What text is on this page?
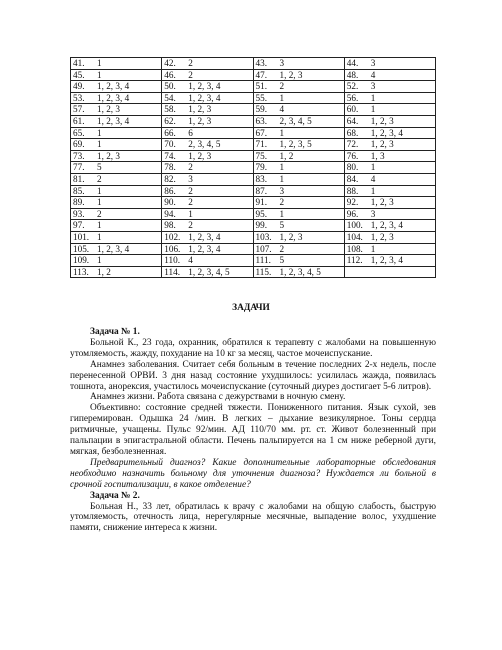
41. 1	42. 2	43. 3	44. 3
45. 1	46. 2	47. 1, 2, 3	48. 4
49. 1, 2, 3, 4	50. 1, 2, 3, 4	51. 2	52. 3
53. 1, 2, 3, 4	54. 1, 2, 3, 4	55. 1	56. 1
57. 1, 2, 3	58. 1, 2, 3	59. 4	60. 1
61. 1, 2, 3, 4	62. 1, 2, 3	63. 2, 3, 4, 5	64. 1, 2, 3
65. 1	66. 6	67. 1	68. 1, 2, 3, 4
69. 1	70. 2, 3, 4, 5	71. 1, 2, 3, 5	72. 1, 2, 3
73. 1, 2, 3	74. 1, 2, 3	75. 1, 2	76. 1, 3
77. 5	78. 2	79. 1	80. 1
81. 2	82. 3	83. 1	84. 4
85. 1	86. 2	87. 3	88. 1
89. 1	90. 2	91. 2	92. 1, 2, 3
93. 2	94. 1	95. 1	96. 3
97. 1	98. 2	99. 5	100. 1, 2, 3, 4
101. 1	102. 1, 2, 3, 4	103. 1, 2, 3	104. 1, 2, 3
105. 1, 2, 3, 4	106. 1, 2, 3, 4	107. 2	108. 1
109. 1	110. 4	111. 5	112. 1, 2, 3, 4
113. 1, 2	114. 1, 2, 3, 4, 5	115. 1, 2, 3, 4, 5	
ЗАДАЧИ
Задача № 1.

Больной К., 23 года, охранник, обратился к терапевту с жалобами на повышенную утомляемость, жажду, похудание на 10 кг за месяц, частое мочеиспускание.

Анамнез заболевания. Считает себя больным в течение последних 2-х недель, после перенесенной ОРВИ. 3 дня назад состояние ухудшилось: усилилась жажда, появилась тошнота, анорексия, участилось мочеиспускание (суточный диурез достигает 5-6 литров).

Анамнез жизни. Работа связана с дежурствами в ночную смену.

Объективно: состояние средней тяжести. Пониженного питания. Язык сухой, зев гиперемирован. Одышка 24 /мин. В легких – дыхание везикулярное. Тоны сердца ритмичные, учащены. Пульс 92/мин. АД 110/70 мм. рт. ст. Живот болезненный при пальпации в эпигастральной области. Печень пальпируется на 1 см ниже реберной дуги, мягкая, безболезненная.

Предварительный диагноз? Какие дополнительные лабораторные обследования необходимо назначить больному для уточнения диагноза? Нуждается ли больной в срочной госпитализации, в какое отделение?

Задача № 2.

Больная Н., 33 лет, обратилась к врачу с жалобами на общую слабость, быструю утомляемость, отечность лица, нерегулярные месячные, выпадение волос, ухудшение памяти, снижение интереса к жизни.
